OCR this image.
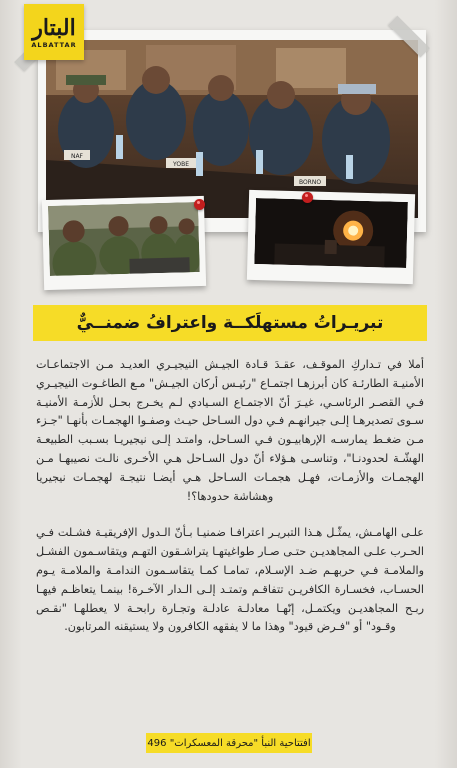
NAF
YOBE
BORNO
البتار
ALBATTAR
تبريـراتُ مستهلَكــة واعترافُ ضمنــيٌّ

أملا في تـداركِ الموقـف، عقـدَ قـادة الجيـش النيجيـري العديـد مـن الاجتماعـات الأمنيـة الطارئـة كان أبرزهـا اجتمـاع "رئيـس أركان الجيـش" مـع الطاغـوت النيجيـري فـي القصـر الرئاسـي، غيـرَ أنّ الاجتمـاع السـيادي لـم يخـرج بحـل للأزمـة الأمنيـة سـوى تصديرهـا إلـى جيرانهـم فـي دول السـاحل حيـث وصفـوا الهجمـات بأنهـا "جـزء مـن ضغـط يمارسـه الإرهابيـون فـي السـاحل، وامتـد إلـى نيجيريـا بسـبب الطبيعـة الهشّـة لحدودنـا"، وتناسـى هـؤلاء أنّ دول السـاحل هـي الأخـرى نالـت نصيبهـا مـن الهجمـات والأزمـات، فهـل هجمـات السـاحل هـي أيضـا نتيجـة لهجمـات نيجيريا وهشاشة حدودها؟!

علـى الهامـش، يمثّـل هـذا التبريـر اعترافـا ضمنيـا بـأنّ الـدول الإفريقيـة فشـلت فـي الحـرب علـى المجاهديـن حتـى صـار طواغيتهـا يتراشـقون التهـم ويتقاسـمون الفشـل والملامـة فـي حربهـم ضـد الإسـلام، تمامـا كمـا يتقاسـمون الندامـة والملامـة يـوم الحسـاب، فخسـارة الكافريـن تتفاقـم وتمتـد إلـى الـدار الآخـرة! بينمـا يتعاظـم فيهـا ربـح المجاهديـن ويكتمـل، إنّهـا معادلـة عادلـة وتجـارة رابحـة لا يعطلهـا "نقـص وقـود" أو "فـرض قيود" وهذا ما لا يفقهه الكافرون ولا يستيقنه المرتابون.

افتتاحية النبأ "محرقة المعسكرات" 496
